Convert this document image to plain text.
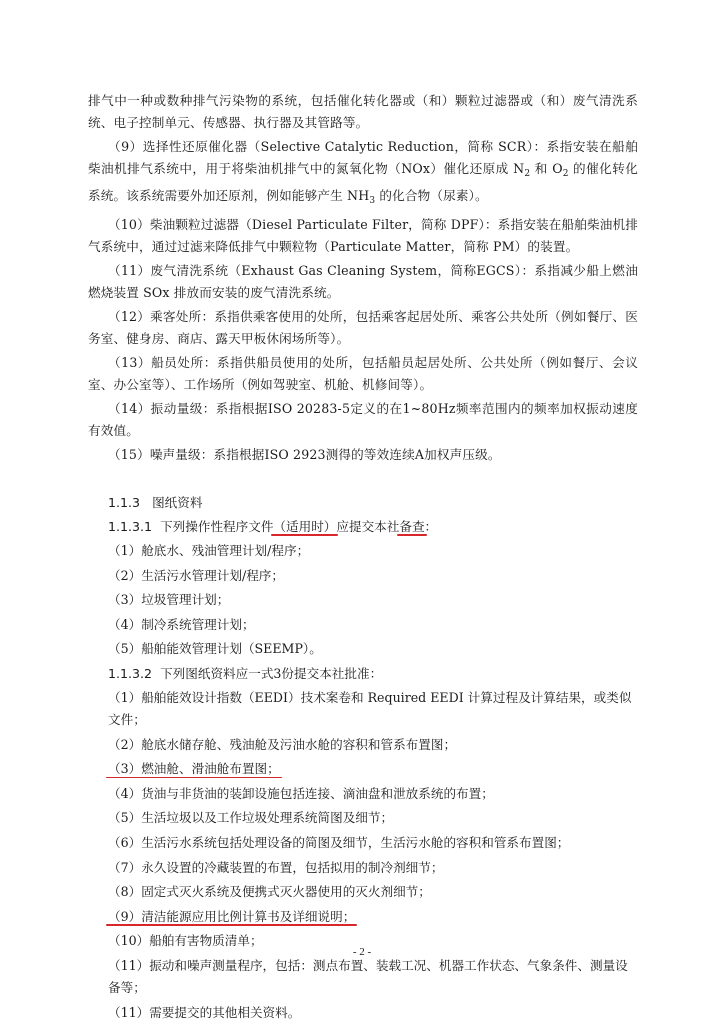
排气中一种或数种排气污染物的系统，包括催化转化器或（和）颗粒过滤器或（和）废气清洗系统、电子控制单元、传感器、执行器及其管路等。

（9）选择性还原催化器（Selective Catalytic Reduction，简称 SCR）：系指安装在船舶柴油机排气系统中，用于将柴油机排气中的氮氧化物（NOx）催化还原成 $N_2$ 和 $O_2$ 的催化转化系统。该系统需要外加还原剂，例如能够产生 $NH_3$ 的化合物（尿素）。

（10）柴油颗粒过滤器（Diesel Particulate Filter，简称 DPF）：系指安装在船舶柴油机排气系统中，通过过滤来降低排气中颗粒物（Particulate Matter，简称 PM）的装置。

（11）废气清洗系统（Exhaust Gas Cleaning System，简称EGCS）：系指减少船上燃油燃烧装置 SOx 排放而安装的废气清洗系统。

（12）乘客处所：系指供乘客使用的处所，包括乘客起居处所、乘客公共处所（例如餐厅、医务室、健身房、商店、露天甲板休闲场所等）。

（13）船员处所：系指供船员使用的处所，包括船员起居处所、公共处所（例如餐厅、会议室、办公室等）、工作场所（例如驾驶室、机舱、机修间等）。

（14）振动量级：系指根据ISO 20283-5定义的在1~80Hz频率范围内的频率加权振动速度有效值。

（15）噪声量级：系指根据ISO 2923测得的等效连续A加权声压级。

1.1.3 图纸资料
1.1.3.1 下列操作性程序文件（适用时）应提交本社备查：
（1）舱底水、残油管理计划/程序；
（2）生活污水管理计划/程序；
（3）垃圾管理计划；
（4）制冷系统管理计划；
（5）船舶能效管理计划（SEEMP）。
1.1.3.2 下列图纸资料应一式3份提交本社批准：
（1）船舶能效设计指数（EEDI）技术案卷和 Required EEDI 计算过程及计算结果，或类似文件；
（2）舱底水储存舱、残油舱及污油水舱的容积和管系布置图；
（3）燃油舱、滑油舱布置图；
（4）货油与非货油的装卸设施包括连接、滴油盘和泄放系统的布置；
（5）生活垃圾以及工作垃圾处理系统简图及细节；
（6）生活污水系统包括处理设备的简图及细节，生活污水舱的容积和管系布置图；
（7）永久设置的冷藏装置的布置，包括拟用的制冷剂细节；
（8）固定式灭火系统及便携式灭火器使用的灭火剂细节；
（9）清洁能源应用比例计算书及详细说明；
（10）船舶有害物质清单；
（11）振动和噪声测量程序，包括：测点布置、装载工况、机器工作状态、气象条件、测量设备等；
（11）需要提交的其他相关资料。
- 2 -
